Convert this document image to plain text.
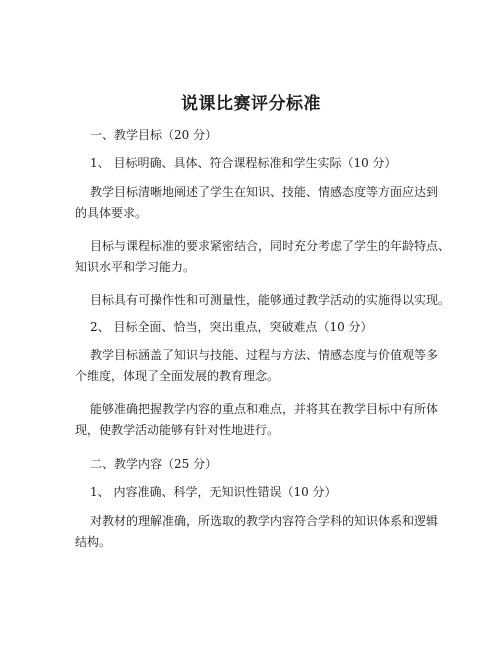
说课比赛评分标准
一、教学目标（20 分）
1、 目标明确、具体、符合课程标准和学生实际（10 分）
教学目标清晰地阐述了学生在知识、技能、情感态度等方面应达到
的具体要求。
目标与课程标准的要求紧密结合，同时充分考虑了学生的年龄特点、
知识水平和学习能力。
目标具有可操作性和可测量性，能够通过教学活动的实施得以实现。
2、 目标全面、恰当，突出重点，突破难点（10 分）
教学目标涵盖了知识与技能、过程与方法、情感态度与价值观等多
个维度，体现了全面发展的教育理念。
能够准确把握教学内容的重点和难点，并将其在教学目标中有所体
现，使教学活动能够有针对性地进行。
二、教学内容（25 分）
1、 内容准确、科学，无知识性错误（10 分）
对教材的理解准确，所选取的教学内容符合学科的知识体系和逻辑
结构。
